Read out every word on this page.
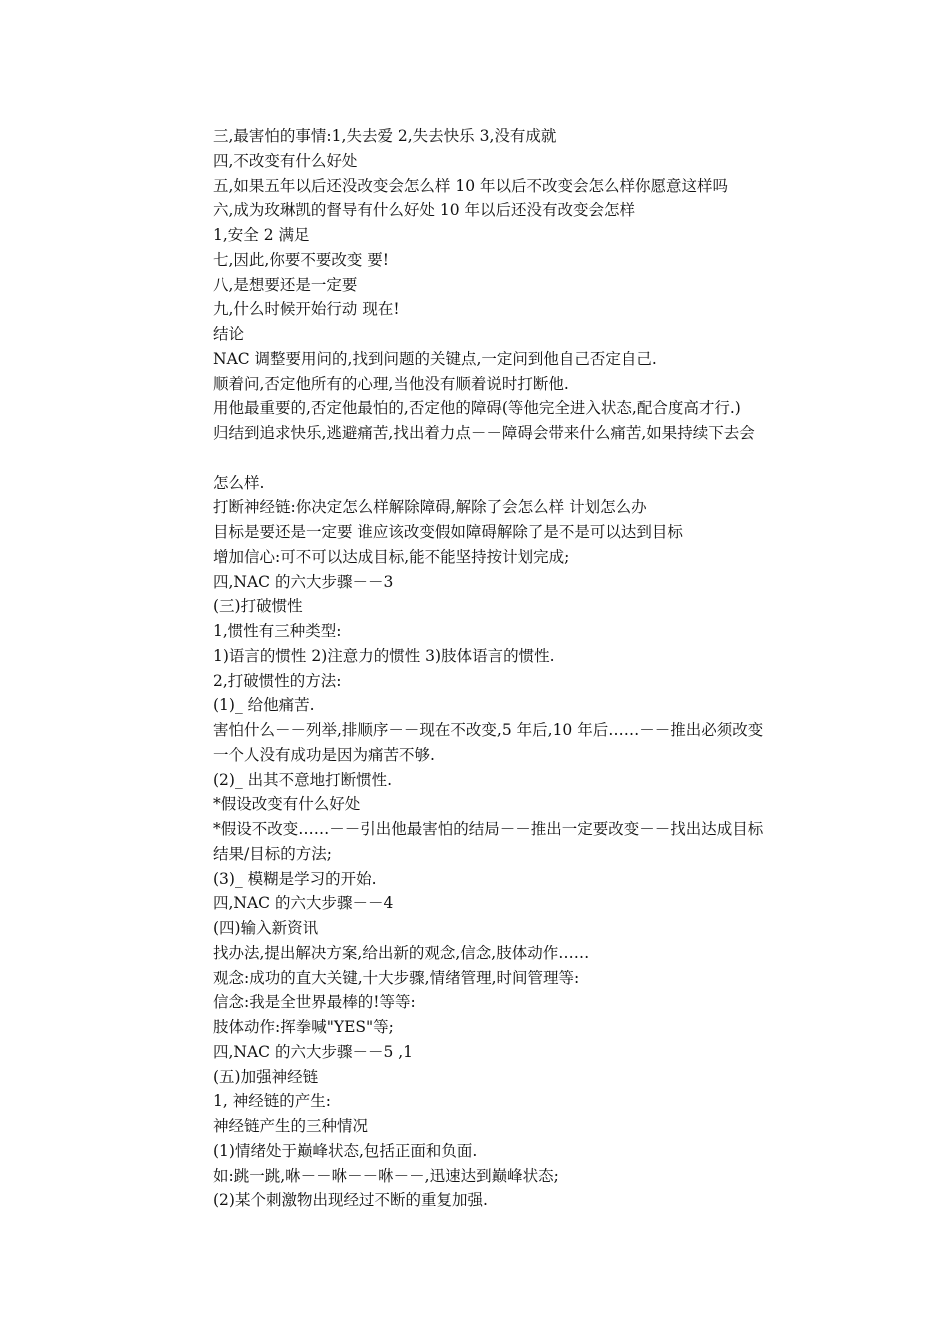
三,最害怕的事情:1,失去爱 2,失去快乐 3,没有成就
四,不改变有什么好处
五,如果五年以后还没改变会怎么样 10 年以后不改变会怎么样你愿意这样吗
六,成为玫琳凯的督导有什么好处 10 年以后还没有改变会怎样
1,安全 2 满足
七,因此,你要不要改变 要!
八,是想要还是一定要
九,什么时候开始行动 现在!
结论
NAC 调整要用问的,找到问题的关键点,一定问到他自己否定自己.
顺着问,否定他所有的心理,当他没有顺着说时打断他.
用他最重要的,否定他最怕的,否定他的障碍(等他完全进入状态,配合度高才行.)
归结到追求快乐,逃避痛苦,找出着力点－－障碍会带来什么痛苦,如果持续下去会
怎么样.
打断神经链:你决定怎么样解除障碍,解除了会怎么样 计划怎么办
目标是要还是一定要 谁应该改变假如障碍解除了是不是可以达到目标
增加信心:可不可以达成目标,能不能坚持按计划完成;
四,NAC 的六大步骤－－3
(三)打破惯性
1,惯性有三种类型:
1)语言的惯性 2)注意力的惯性 3)肢体语言的惯性.
2,打破惯性的方法:
(1)_ 给他痛苦.
害怕什么－－列举,排顺序－－现在不改变,5 年后,10 年后……－－推出必须改变
一个人没有成功是因为痛苦不够.
(2)_ 出其不意地打断惯性.
*假设改变有什么好处
*假设不改变……－－引出他最害怕的结局－－推出一定要改变－－找出达成目标
结果/目标的方法;
(3)_ 模糊是学习的开始.
四,NAC 的六大步骤－－4
(四)输入新资讯
找办法,提出解决方案,给出新的观念,信念,肢体动作……
观念:成功的直大关键,十大步骤,情绪管理,时间管理等:
信念:我是全世界最棒的!等等:
肢体动作:挥拳喊"YES"等;
四,NAC 的六大步骤－－5 ,1
(五)加强神经链
1, 神经链的产生:
神经链产生的三种情况
(1)情绪处于巅峰状态,包括正面和负面.
如:跳一跳,咻－－咻－－咻－－,迅速达到巅峰状态;
(2)某个刺激物出现经过不断的重复加强.
